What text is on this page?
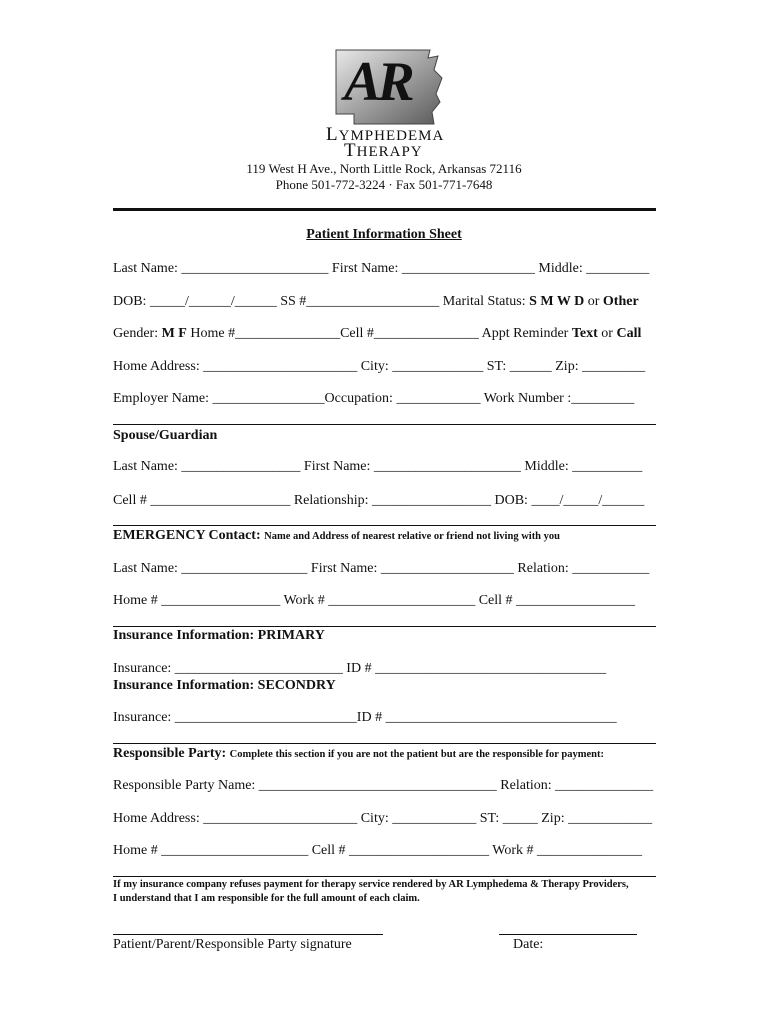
AR
LYMPHEDEMA
THERAPY
119 West H Ave., North Little Rock, Arkansas 72116
Phone 501-772-3224 · Fax 501-771-7648
Patient Information Sheet
Last Name: _____________________ First Name: ___________________ Middle: _________
DOB: _____/______/______ SS #___________________ Marital Status: S M W D or Other
Gender: M F Home #_______________Cell #_______________ Appt Reminder Text or Call
Home Address: ______________________ City: _____________ ST: ______ Zip: _________
Employer Name: ________________Occupation: ____________ Work Number :_________
Spouse/Guardian
Last Name: _________________ First Name: _____________________ Middle: __________
Cell # ____________________ Relationship: _________________ DOB: ____/_____/______
EMERGENCY Contact: Name and Address of nearest relative or friend not living with you
Last Name: __________________ First Name: ___________________ Relation: ___________
Home # _________________ Work # _____________________ Cell # _________________
Insurance Information: PRIMARY
Insurance: ________________________ ID # _________________________________
Insurance Information: SECONDRY
Insurance: __________________________ID # _________________________________
Responsible Party: Complete this section if you are not the patient but are the responsible for payment:
Responsible Party Name: __________________________________ Relation: ______________
Home Address: ______________________ City: ____________ ST: _____ Zip: ____________
Home # _____________________ Cell # ____________________ Work # _______________
If my insurance company refuses payment for therapy service rendered by AR Lymphedema & Therapy Providers, I understand that I am responsible for the full amount of each claim.
Patient/Parent/Responsible Party signature	Date:
